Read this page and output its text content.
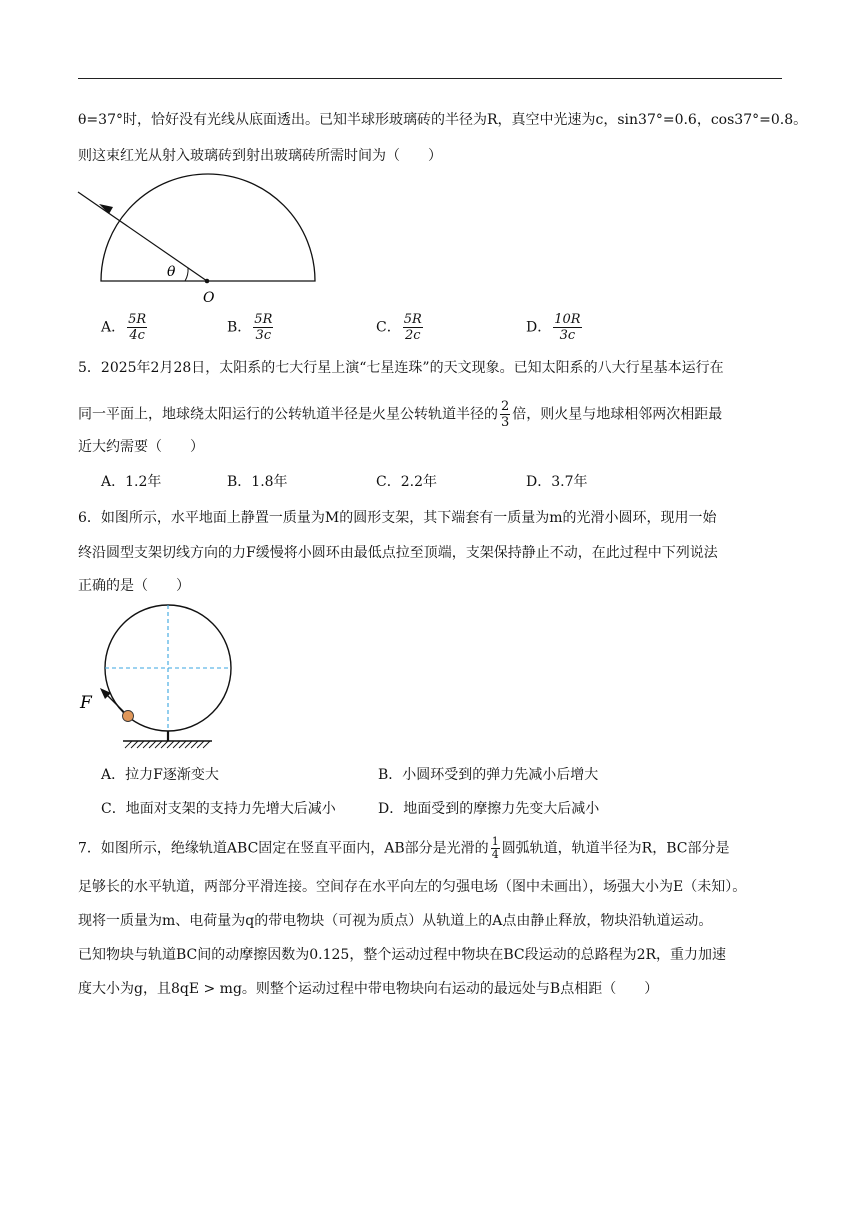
θ=37°时，恰好没有光线从底面透出。已知半球形玻璃砖的半径为R，真空中光速为c，sin37°=0.6，cos37°=0.8。
则这束红光从射入玻璃砖到射出玻璃砖所需时间为（　　）
θ
O
A． $\frac{5R}{4c}$	B． $\frac{5R}{3c}$	C． $\frac{5R}{2c}$	D． $\frac{10R}{3c}$
5．2025年2月28日，太阳系的七大行星上演“七星连珠”的天文现象。已知太阳系的八大行星基本运行在
同一平面上，地球绕太阳运行的公转轨道半径是火星公转轨道半径的 $\frac{2}{3}$ 倍，则火星与地球相邻两次相距最
近大约需要（　　）
A．1.2年	B．1.8年	C．2.2年	D．3.7年
6．如图所示，水平地面上静置一质量为M的圆形支架，其下端套有一质量为m的光滑小圆环，现用一始
终沿圆型支架切线方向的力F缓慢将小圆环由最低点拉至顶端，支架保持静止不动，在此过程中下列说法
正确的是（　　）
F
A．拉力F逐渐变大	B．小圆环受到的弹力先减小后增大
C．地面对支架的支持力先增大后减小	D．地面受到的摩擦力先变大后减小
7．如图所示，绝缘轨道ABC固定在竖直平面内，AB部分是光滑的 $\frac{1}{4}$ 圆弧轨道，轨道半径为R，BC部分是
足够长的水平轨道，两部分平滑连接。空间存在水平向左的匀强电场（图中未画出），场强大小为E（未知）。
现将一质量为m、电荷量为q的带电物块（可视为质点）从轨道上的A点由静止释放，物块沿轨道运动。
已知物块与轨道BC间的动摩擦因数为0.125，整个运动过程中物块在BC段运动的总路程为2R，重力加速
度大小为g，且8qE > mg。则整个运动过程中带电物块向右运动的最远处与B点相距（　　）
